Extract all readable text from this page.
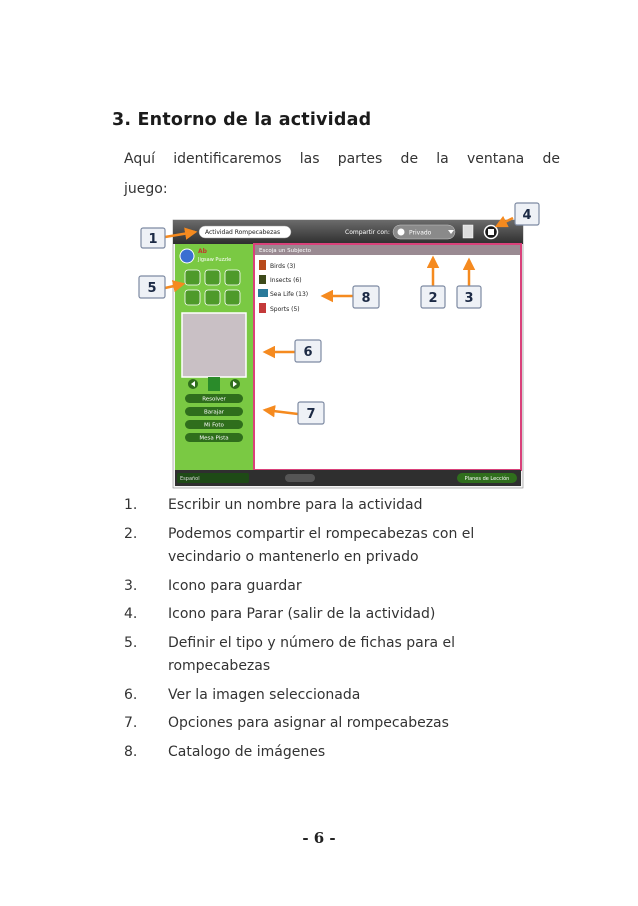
3. Entorno de la actividad
Aquí identificaremos las partes de la ventana de juego:
Actividad Rompecabezas	Compartir con:	Privado
Ab
Jigsaw Puzzle
Resolver
Barajar
Mi Foto
Mesa Pista
Escoja un Subjecto
Birds (3)
Insects (6)
Sea Life (13)
Sports (5)
Español	Planes de Lección
1
2 3
4
5
6
7
8
1.	Escribir un nombre para la actividad
2.	Podemos compartir el rompecabezas con el vecindario o mantenerlo en privado
3.	Icono para guardar
4.	Icono para Parar (salir de la actividad)
5.	Definir el tipo y número de fichas para el rompecabezas
6.	Ver la imagen seleccionada
7.	Opciones para asignar al rompecabezas
8.	Catalogo de imágenes
- 6 -
